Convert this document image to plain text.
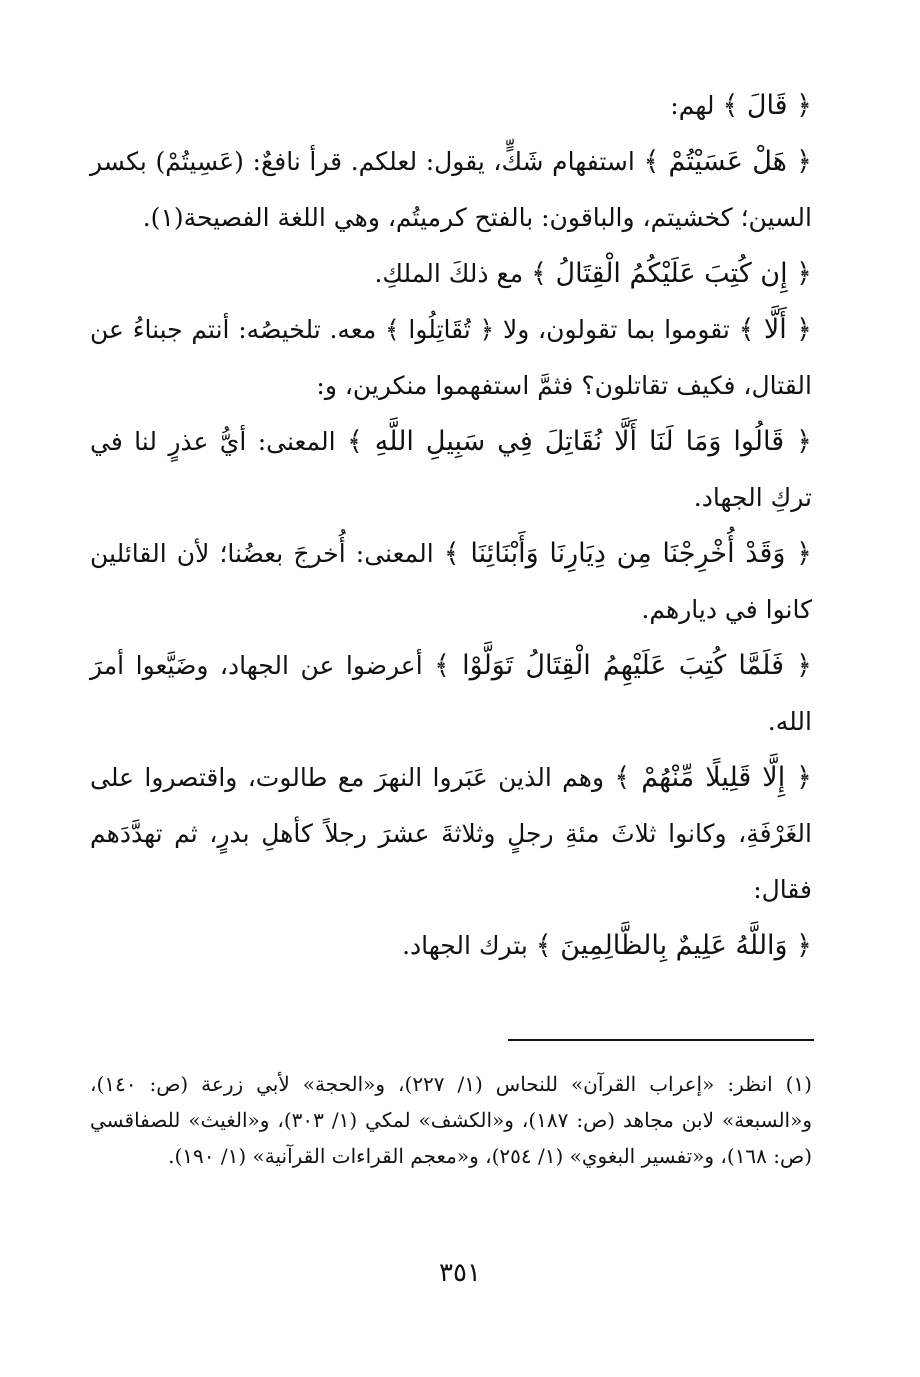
﴿ قَالَ ﴾ لهم:

﴿ هَلْ عَسَيْتُمْ ﴾ استفهام شَكٍّ، يقول: لعلكم. قرأ نافعٌ: (عَسِيتُمْ) بكسر السين؛ كخشيتم، والباقون: بالفتح كرميتُم، وهي اللغة الفصيحة(١).

﴿ إِن كُتِبَ عَلَيْكُمُ الْقِتَالُ ﴾ مع ذلكَ الملكِ.

﴿ أَلَّا ﴾ تقوموا بما تقولون، ولا ﴿ تُقَاتِلُوا ﴾ معه. تلخيصُه: أنتم جبناءُ عن القتال، فكيف تقاتلون؟ فثمَّ استفهموا منكرين، و:

﴿ قَالُوا وَمَا لَنَا أَلَّا نُقَاتِلَ فِي سَبِيلِ اللَّهِ ﴾ المعنى: أيُّ عذرٍ لنا في تركِ الجهاد.

﴿ وَقَدْ أُخْرِجْنَا مِن دِيَارِنَا وَأَبْنَائِنَا ﴾ المعنى: أُخرجَ بعضُنا؛ لأن القائلين كانوا في ديارهم.

﴿ فَلَمَّا كُتِبَ عَلَيْهِمُ الْقِتَالُ تَوَلَّوْا ﴾ أعرضوا عن الجهاد، وضَيَّعوا أمرَ الله.

﴿ إِلَّا قَلِيلًا مِّنْهُمْ ﴾ وهم الذين عَبَروا النهرَ مع طالوت، واقتصروا على الغَرْفَةِ، وكانوا ثلاثَ مئةِ رجلٍ وثلاثةَ عشرَ رجلاً كأهلِ بدرٍ، ثم تهدَّدَهم فقال:

﴿ وَاللَّهُ عَلِيمٌ بِالظَّالِمِينَ ﴾ بترك الجهاد.

(١) انظر: «إعراب القرآن» للنحاس (١/ ٢٢٧)، و«الحجة» لأبي زرعة (ص: ١٤٠)، و«السبعة» لابن مجاهد (ص: ١٨٧)، و«الكشف» لمكي (١/ ٣٠٣)، و«الغيث» للصفاقسي (ص: ١٦٨)، و«تفسير البغوي» (١/ ٢٥٤)، و«معجم القراءات القرآنية» (١/ ١٩٠).

٣٥١
